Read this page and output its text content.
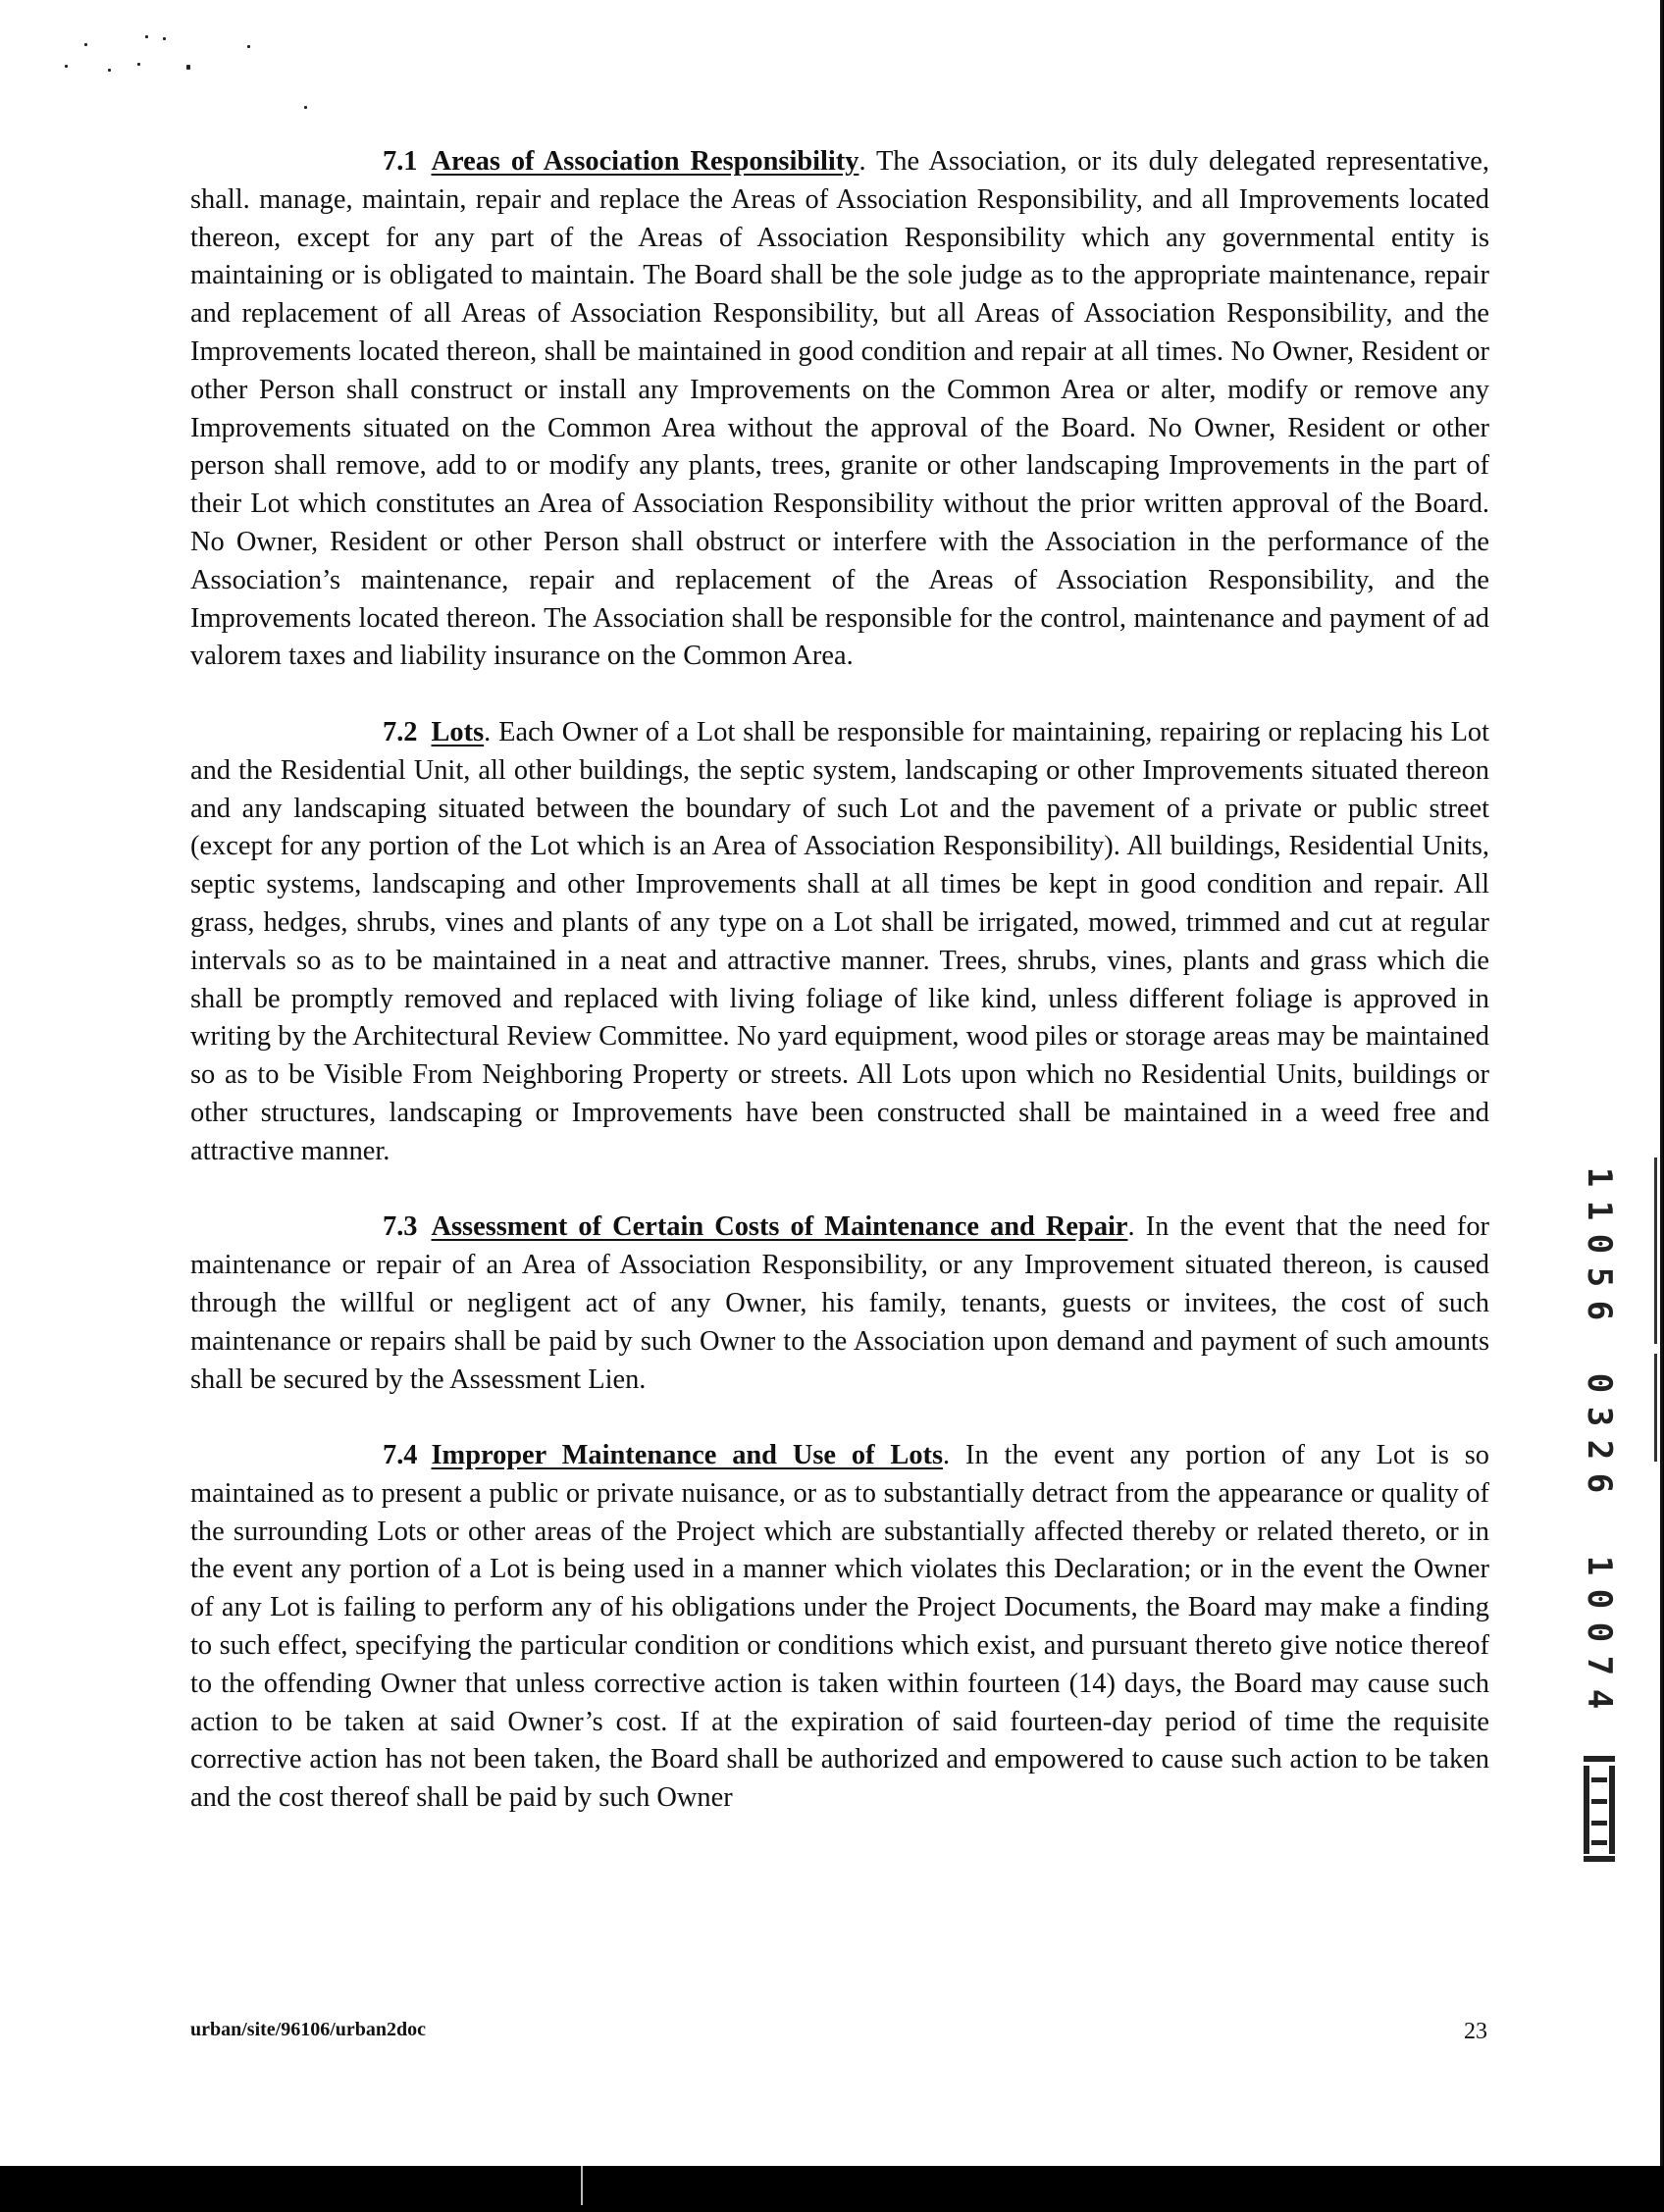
7.1 Areas of Association Responsibility. The Association, or its duly delegated representative, shall. manage, maintain, repair and replace the Areas of Association Responsibility, and all Improvements located thereon, except for any part of the Areas of Association Responsibility which any governmental entity is maintaining or is obligated to maintain. The Board shall be the sole judge as to the appropriate maintenance, repair and replacement of all Areas of Association Responsibility, but all Areas of Association Responsibility, and the Improvements located thereon, shall be maintained in good condition and repair at all times. No Owner, Resident or other Person shall construct or install any Improvements on the Common Area or alter, modify or remove any Improvements situated on the Common Area without the approval of the Board. No Owner, Resident or other person shall remove, add to or modify any plants, trees, granite or other landscaping Improvements in the part of their Lot which constitutes an Area of Association Responsibility without the prior written approval of the Board. No Owner, Resident or other Person shall obstruct or interfere with the Association in the performance of the Association’s maintenance, repair and replacement of the Areas of Association Responsibility, and the Improvements located thereon. The Association shall be responsible for the control, maintenance and payment of ad valorem taxes and liability insurance on the Common Area.

7.2 Lots. Each Owner of a Lot shall be responsible for maintaining, repairing or replacing his Lot and the Residential Unit, all other buildings, the septic system, landscaping or other Improvements situated thereon and any landscaping situated between the boundary of such Lot and the pavement of a private or public street (except for any portion of the Lot which is an Area of Association Responsibility). All buildings, Residential Units, septic systems, landscaping and other Improvements shall at all times be kept in good condition and repair. All grass, hedges, shrubs, vines and plants of any type on a Lot shall be irrigated, mowed, trimmed and cut at regular intervals so as to be maintained in a neat and attractive manner. Trees, shrubs, vines, plants and grass which die shall be promptly removed and replaced with living foliage of like kind, unless different foliage is approved in writing by the Architectural Review Committee. No yard equipment, wood piles or storage areas may be maintained so as to be Visible From Neighboring Property or streets. All Lots upon which no Residential Units, buildings or other structures, landscaping or Improvements have been constructed shall be maintained in a weed free and attractive manner.

7.3 Assessment of Certain Costs of Maintenance and Repair. In the event that the need for maintenance or repair of an Area of Association Responsibility, or any Improvement situated thereon, is caused through the willful or negligent act of any Owner, his family, tenants, guests or invitees, the cost of such maintenance or repairs shall be paid by such Owner to the Association upon demand and payment of such amounts shall be secured by the Assessment Lien.

7.4 Improper Maintenance and Use of Lots. In the event any portion of any Lot is so maintained as to present a public or private nuisance, or as to substantially detract from the appearance or quality of the surrounding Lots or other areas of the Project which are substantially affected thereby or related thereto, or in the event any portion of a Lot is being used in a manner which violates this Declaration; or in the event the Owner of any Lot is failing to perform any of his obligations under the Project Documents, the Board may make a finding to such effect, specifying the particular condition or conditions which exist, and pursuant thereto give notice thereof to the offending Owner that unless corrective action is taken within fourteen (14) days, the Board may cause such action to be taken at said Owner’s cost. If at the expiration of said fourteen-day period of time the requisite corrective action has not been taken, the Board shall be authorized and empowered to cause such action to be taken and the cost thereof shall be paid by such Owner

urban/site/96106/urban2doc	23
1
1
0
5
6
0
3
2
6
1
0
0
7
4
